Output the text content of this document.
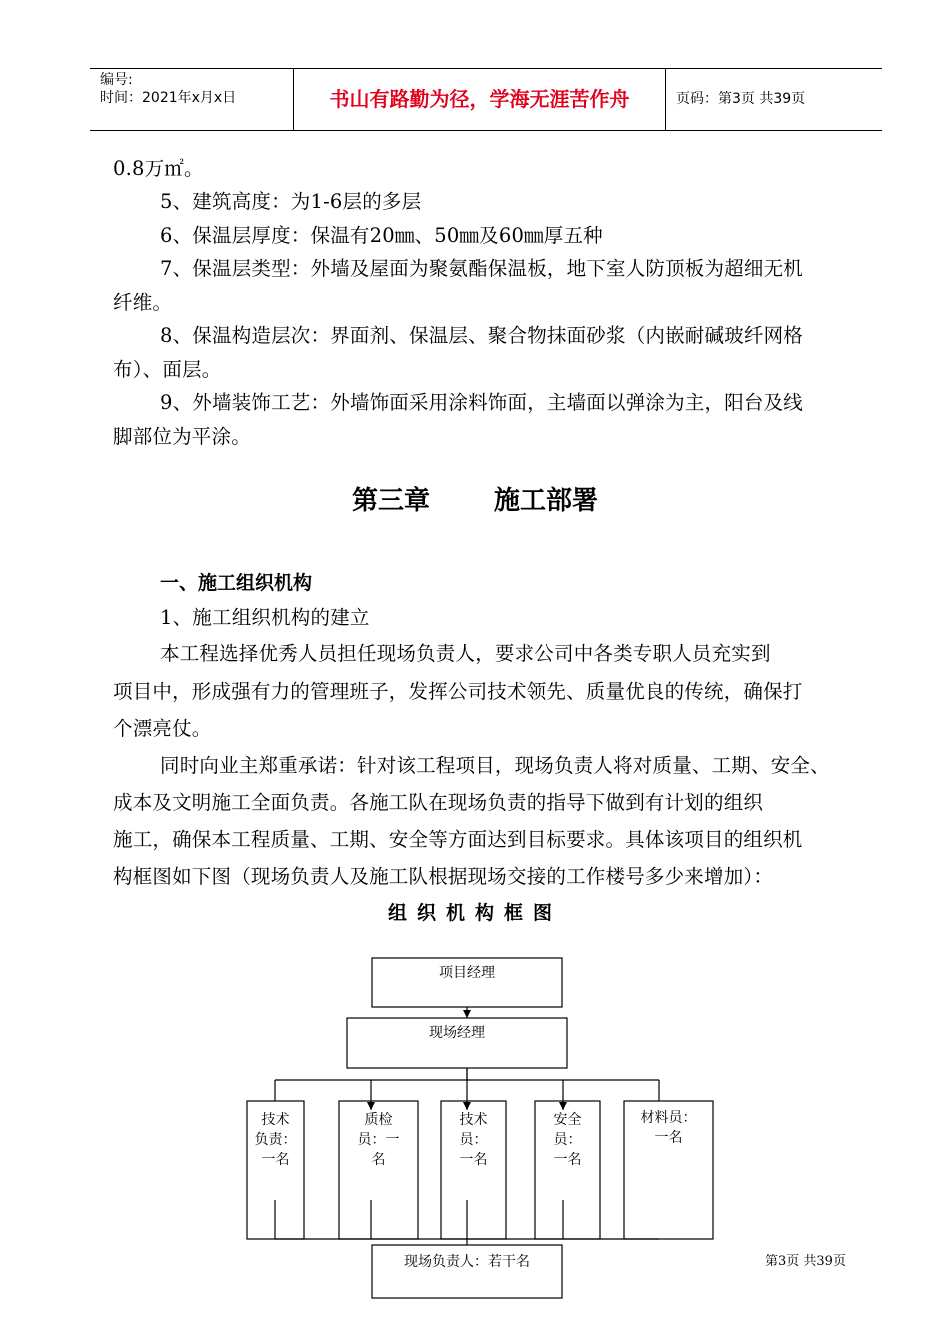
编号:
时间：2021年x月x日	书山有路勤为径，学海无涯苦作舟	页码：第3页 共39页
0.8万㎡。
5、建筑高度：为1-6层的多层
6、保温层厚度：保温有20㎜、50㎜及60㎜厚五种
7、保温层类型：外墙及屋面为聚氨酯保温板，地下室人防顶板为超细无机
纤维。
8、保温构造层次：界面剂、保温层、聚合物抹面砂浆（内嵌耐碱玻纤网格
布）、面层。
9、外墙装饰工艺：外墙饰面采用涂料饰面，主墙面以弹涂为主，阳台及线
脚部位为平涂。
第三章 施工部署
一、施工组织机构
1、施工组织机构的建立
本工程选择优秀人员担任现场负责人，要求公司中各类专职人员充实到
项目中，形成强有力的管理班子，发挥公司技术领先、质量优良的传统，确保打
个漂亮仗。
同时向业主郑重承诺：针对该工程项目，现场负责人将对质量、工期、安全、
成本及文明施工全面负责。各施工队在现场负责的指导下做到有计划的组织
施工，确保本工程质量、工期、安全等方面达到目标要求。具体该项目的组织机
构框图如下图（现场负责人及施工队根据现场交接的工作楼号多少来增加）：
组织机构框图
项目经理
现场经理
技术
负责：
一名
质检
员：一
名
技术
员：
一名
安全
员：
一名
材料员：
一名
现场负责人：若干名	第3页 共39页
